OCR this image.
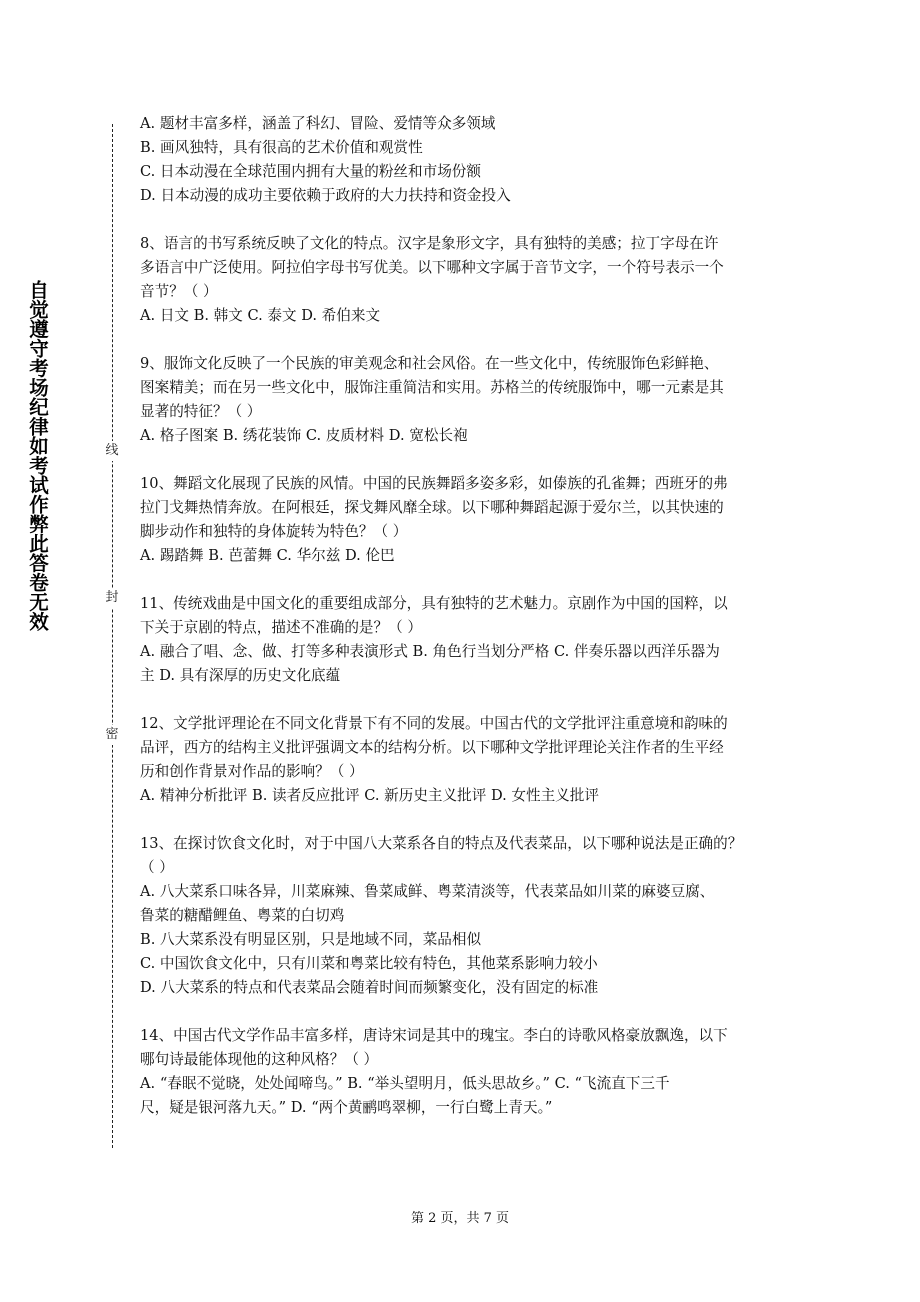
自觉遵守考场纪律如考试作弊此答卷无效	线
封
密
A. 题材丰富多样，涵盖了科幻、冒险、爱情等众多领域
B. 画风独特，具有很高的艺术价值和观赏性
C. 日本动漫在全球范围内拥有大量的粉丝和市场份额
D. 日本动漫的成功主要依赖于政府的大力扶持和资金投入
8、语言的书写系统反映了文化的特点。汉字是象形文字，具有独特的美感；拉丁字母在许
多语言中广泛使用。阿拉伯字母书写优美。以下哪种文字属于音节文字，一个符号表示一个
音节？（ ）
A. 日文 B. 韩文 C. 泰文 D. 希伯来文
9、服饰文化反映了一个民族的审美观念和社会风俗。在一些文化中，传统服饰色彩鲜艳、
图案精美；而在另一些文化中，服饰注重简洁和实用。苏格兰的传统服饰中，哪一元素是其
显著的特征？（ ）
A. 格子图案 B. 绣花装饰 C. 皮质材料 D. 宽松长袍
10、舞蹈文化展现了民族的风情。中国的民族舞蹈多姿多彩，如傣族的孔雀舞；西班牙的弗
拉门戈舞热情奔放。在阿根廷，探戈舞风靡全球。以下哪种舞蹈起源于爱尔兰，以其快速的
脚步动作和独特的身体旋转为特色？（ ）
A. 踢踏舞 B. 芭蕾舞 C. 华尔兹 D. 伦巴
11、传统戏曲是中国文化的重要组成部分，具有独特的艺术魅力。京剧作为中国的国粹，以
下关于京剧的特点，描述不准确的是？（ ）
A. 融合了唱、念、做、打等多种表演形式 B. 角色行当划分严格 C. 伴奏乐器以西洋乐器为
主 D. 具有深厚的历史文化底蕴
12、文学批评理论在不同文化背景下有不同的发展。中国古代的文学批评注重意境和韵味的
品评，西方的结构主义批评强调文本的结构分析。以下哪种文学批评理论关注作者的生平经
历和创作背景对作品的影响？（ ）
A. 精神分析批评 B. 读者反应批评 C. 新历史主义批评 D. 女性主义批评
13、在探讨饮食文化时，对于中国八大菜系各自的特点及代表菜品，以下哪种说法是正确的？
（ ）
A. 八大菜系口味各异，川菜麻辣、鲁菜咸鲜、粤菜清淡等，代表菜品如川菜的麻婆豆腐、
鲁菜的糖醋鲤鱼、粤菜的白切鸡
B. 八大菜系没有明显区别，只是地域不同，菜品相似
C. 中国饮食文化中，只有川菜和粤菜比较有特色，其他菜系影响力较小
D. 八大菜系的特点和代表菜品会随着时间而频繁变化，没有固定的标准
14、中国古代文学作品丰富多样，唐诗宋词是其中的瑰宝。李白的诗歌风格豪放飘逸，以下
哪句诗最能体现他的这种风格？（ ）
A. “春眠不觉晓，处处闻啼鸟。” B. “举头望明月，低头思故乡。” C. “飞流直下三千
尺，疑是银河落九天。” D. “两个黄鹂鸣翠柳，一行白鹭上青天。”
第 2 页，共 7 页
